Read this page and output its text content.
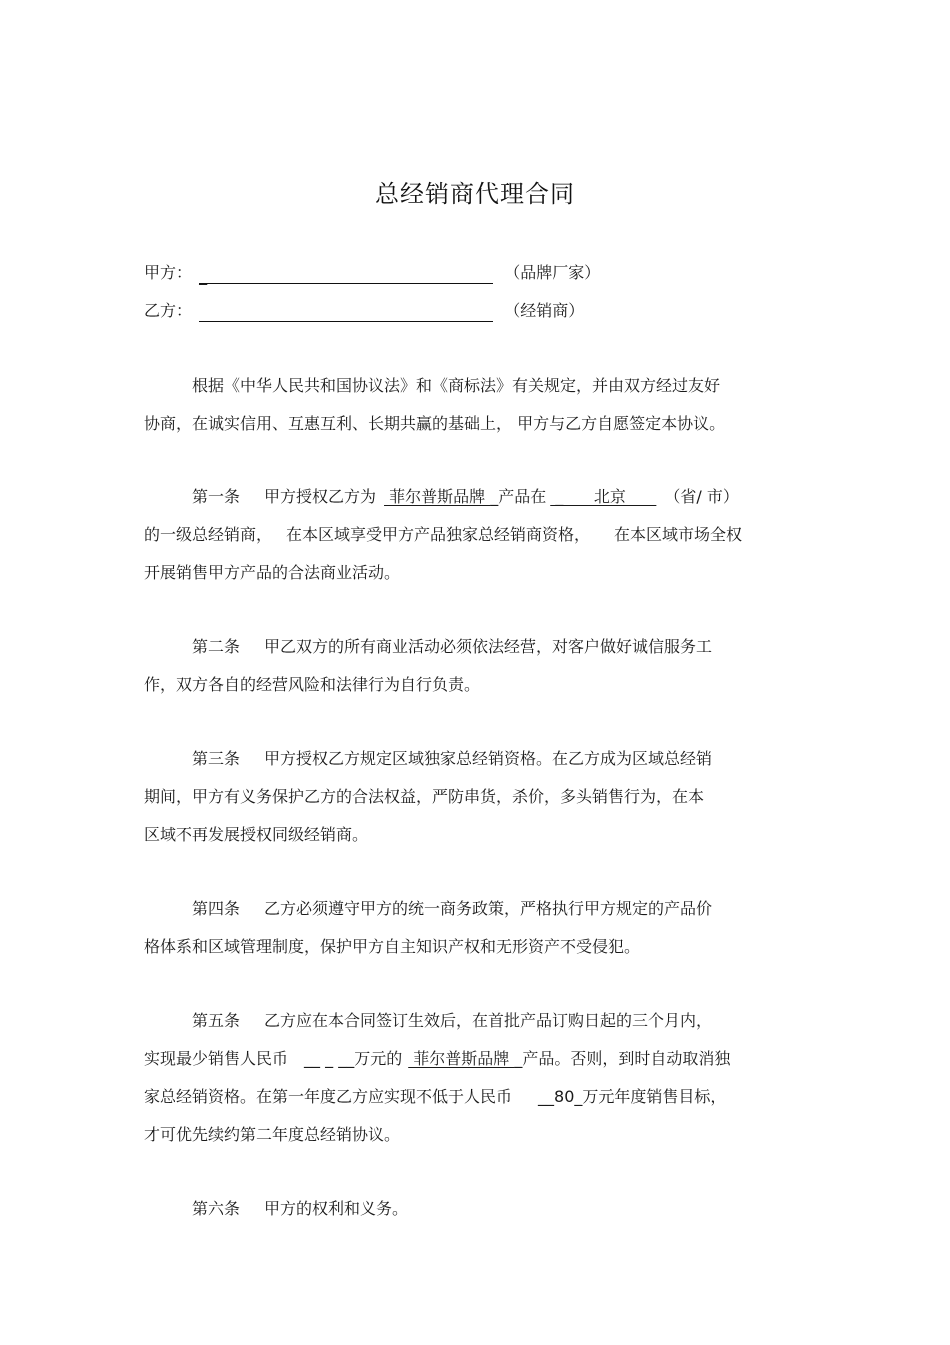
总经销商代理合同
甲方： _	（品牌厂家）
乙方：	（经销商）
根据《中华人民共和国协议法》和《商标法》有关规定，并由双方经过友好
协商，在诚实信用、互惠互利、长期共赢的基础上， 甲方与乙方自愿签定本协议。
第一条 甲方授权乙方为 菲尔普斯品牌 _产品在 _      北京      （省/ 市）
的一级总经销商， 在本区域享受甲方产品独家总经销商资格， 在本区域市场全权
开展销售甲方产品的合法商业活动。
第二条 甲乙双方的所有商业活动必须依法经营，对客户做好诚信服务工
作，双方各自的经营风险和法律行为自行负责。
第三条 甲方授权乙方规定区域独家总经销资格。在乙方成为区域总经销
期间，甲方有义务保护乙方的合法权益，严防串货，杀价，多头销售行为，在本
区域不再发展授权同级经销商。
第四条 乙方必须遵守甲方的统一商务政策，严格执行甲方规定的产品价
格体系和区域管理制度，保护甲方自主知识产权和无形资产不受侵犯。
第五条 乙方应在本合同签订生效后，在首批产品订购日起的三个月内，
实现最少销售人民币 __ _ __万元的 菲尔普斯品牌 _产品。否则，到时自动取消独
家总经销资格。在第一年度乙方应实现不低于人民币 __80_万元年度销售目标，
才可优先续约第二年度总经销协议。
第六条 甲方的权利和义务。
